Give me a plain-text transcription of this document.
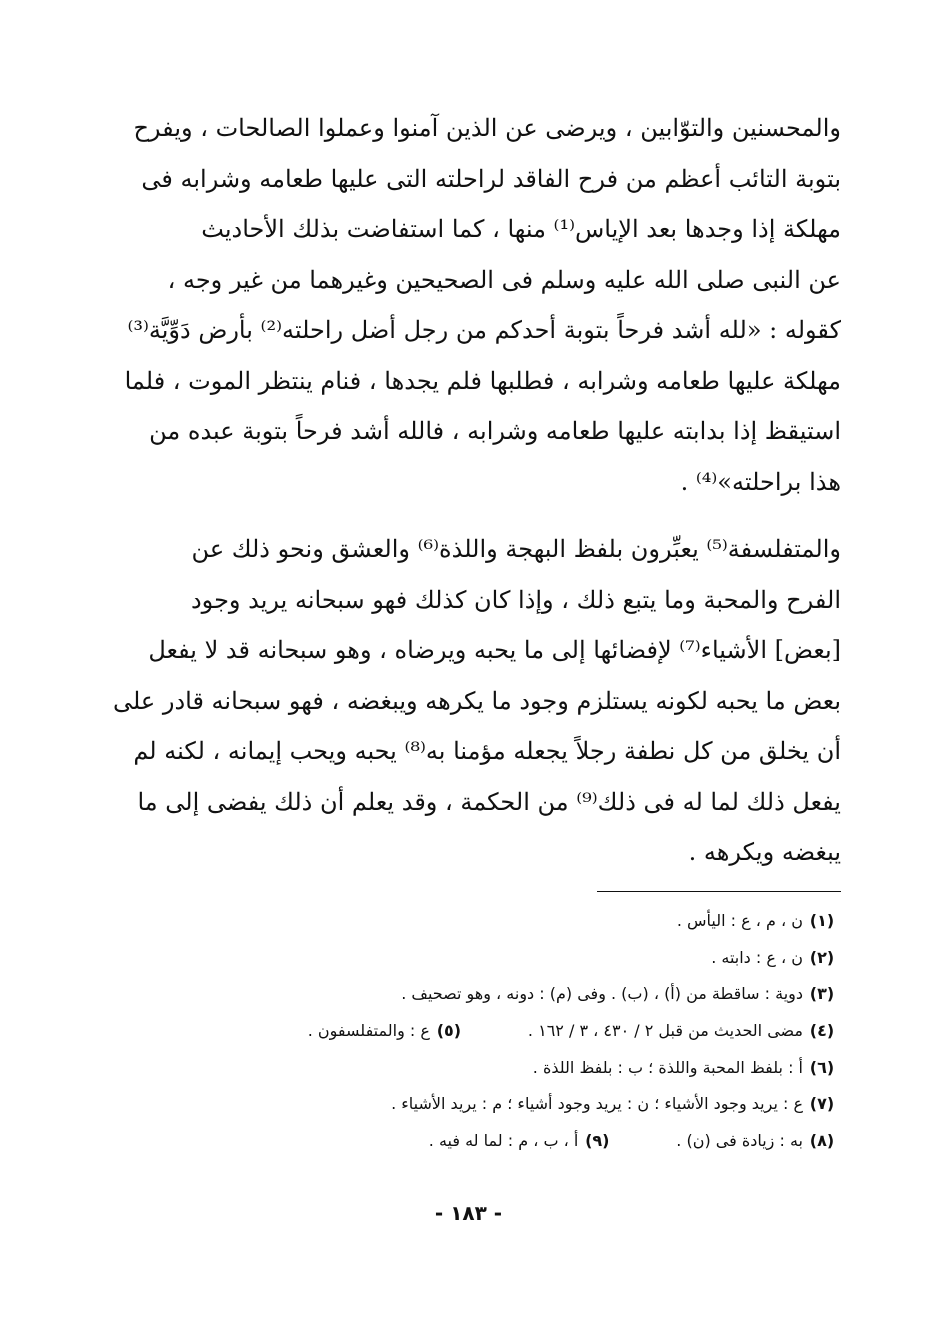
والمحسنين والتوّابين ، ويرضى عن الذين آمنوا وعملوا الصالحات ، ويفرح
بتوبة التائب أعظم من فرح الفاقد لراحلته التى عليها طعامه وشرابه فى
مهلكة إذا وجدها بعد الإياس⁽¹⁾ منها ، كما استفاضت بذلك الأحاديث
عن النبى صلى الله عليه وسلم فى الصحيحين وغيرهما من غير وجه ،
كقوله : «لله أشد فرحاً بتوبة أحدكم من رجل أضل راحلته⁽²⁾ بأرض دَوِّيَّة⁽³⁾
مهلكة عليها طعامه وشرابه ، فطلبها فلم يجدها ، فنام ينتظر الموت ، فلما
استيقظ إذا بدابته عليها طعامه وشرابه ، فالله أشد فرحاً بتوبة عبده من
هذا براحلته»⁽⁴⁾ .
والمتفلسفة⁽⁵⁾ يعبِّرون بلفظ البهجة واللذة⁽⁶⁾ والعشق ونحو ذلك عن
الفرح والمحبة وما يتبع ذلك ، وإذا كان كذلك فهو سبحانه يريد وجود
[بعض] الأشياء⁽⁷⁾ لإفضائها إلى ما يحبه ويرضاه ، وهو سبحانه قد لا يفعل
بعض ما يحبه لكونه يستلزم وجود ما يكرهه ويبغضه ، فهو سبحانه قادر على
أن يخلق من كل نطفة رجلاً يجعله مؤمنا به⁽⁸⁾ يحبه ويحب إيمانه ، لكنه لم
يفعل ذلك لما له فى ذلك⁽⁹⁾ من الحكمة ، وقد يعلم أن ذلك يفضى إلى ما
يبغضه ويكرهه .
(١)
ن ، م ، ع : اليأس .
(٢)
ن ، ع : دابته .
(٣)
دوية : ساقطة من (أ) ، (ب) . وفى (م) : دونه ، وهو تصحيف .
(٤)
مضى الحديث من قبل ٢ / ٤٣٠ ، ٣ / ١٦٢ .
(٥)
ع : والمتفلسفون .
(٦)
أ : بلفظ المحبة واللذة ؛ ب : بلفظ اللذة .
(٧)
ع : يريد وجود الأشياء ؛ ن : يريد وجود أشياء ؛ م : يريد الأشياء .
(٨)
به : زيادة فى (ن) .
(٩)
أ ، ب ، م : لما له فيه .
- ١٨٣ -
